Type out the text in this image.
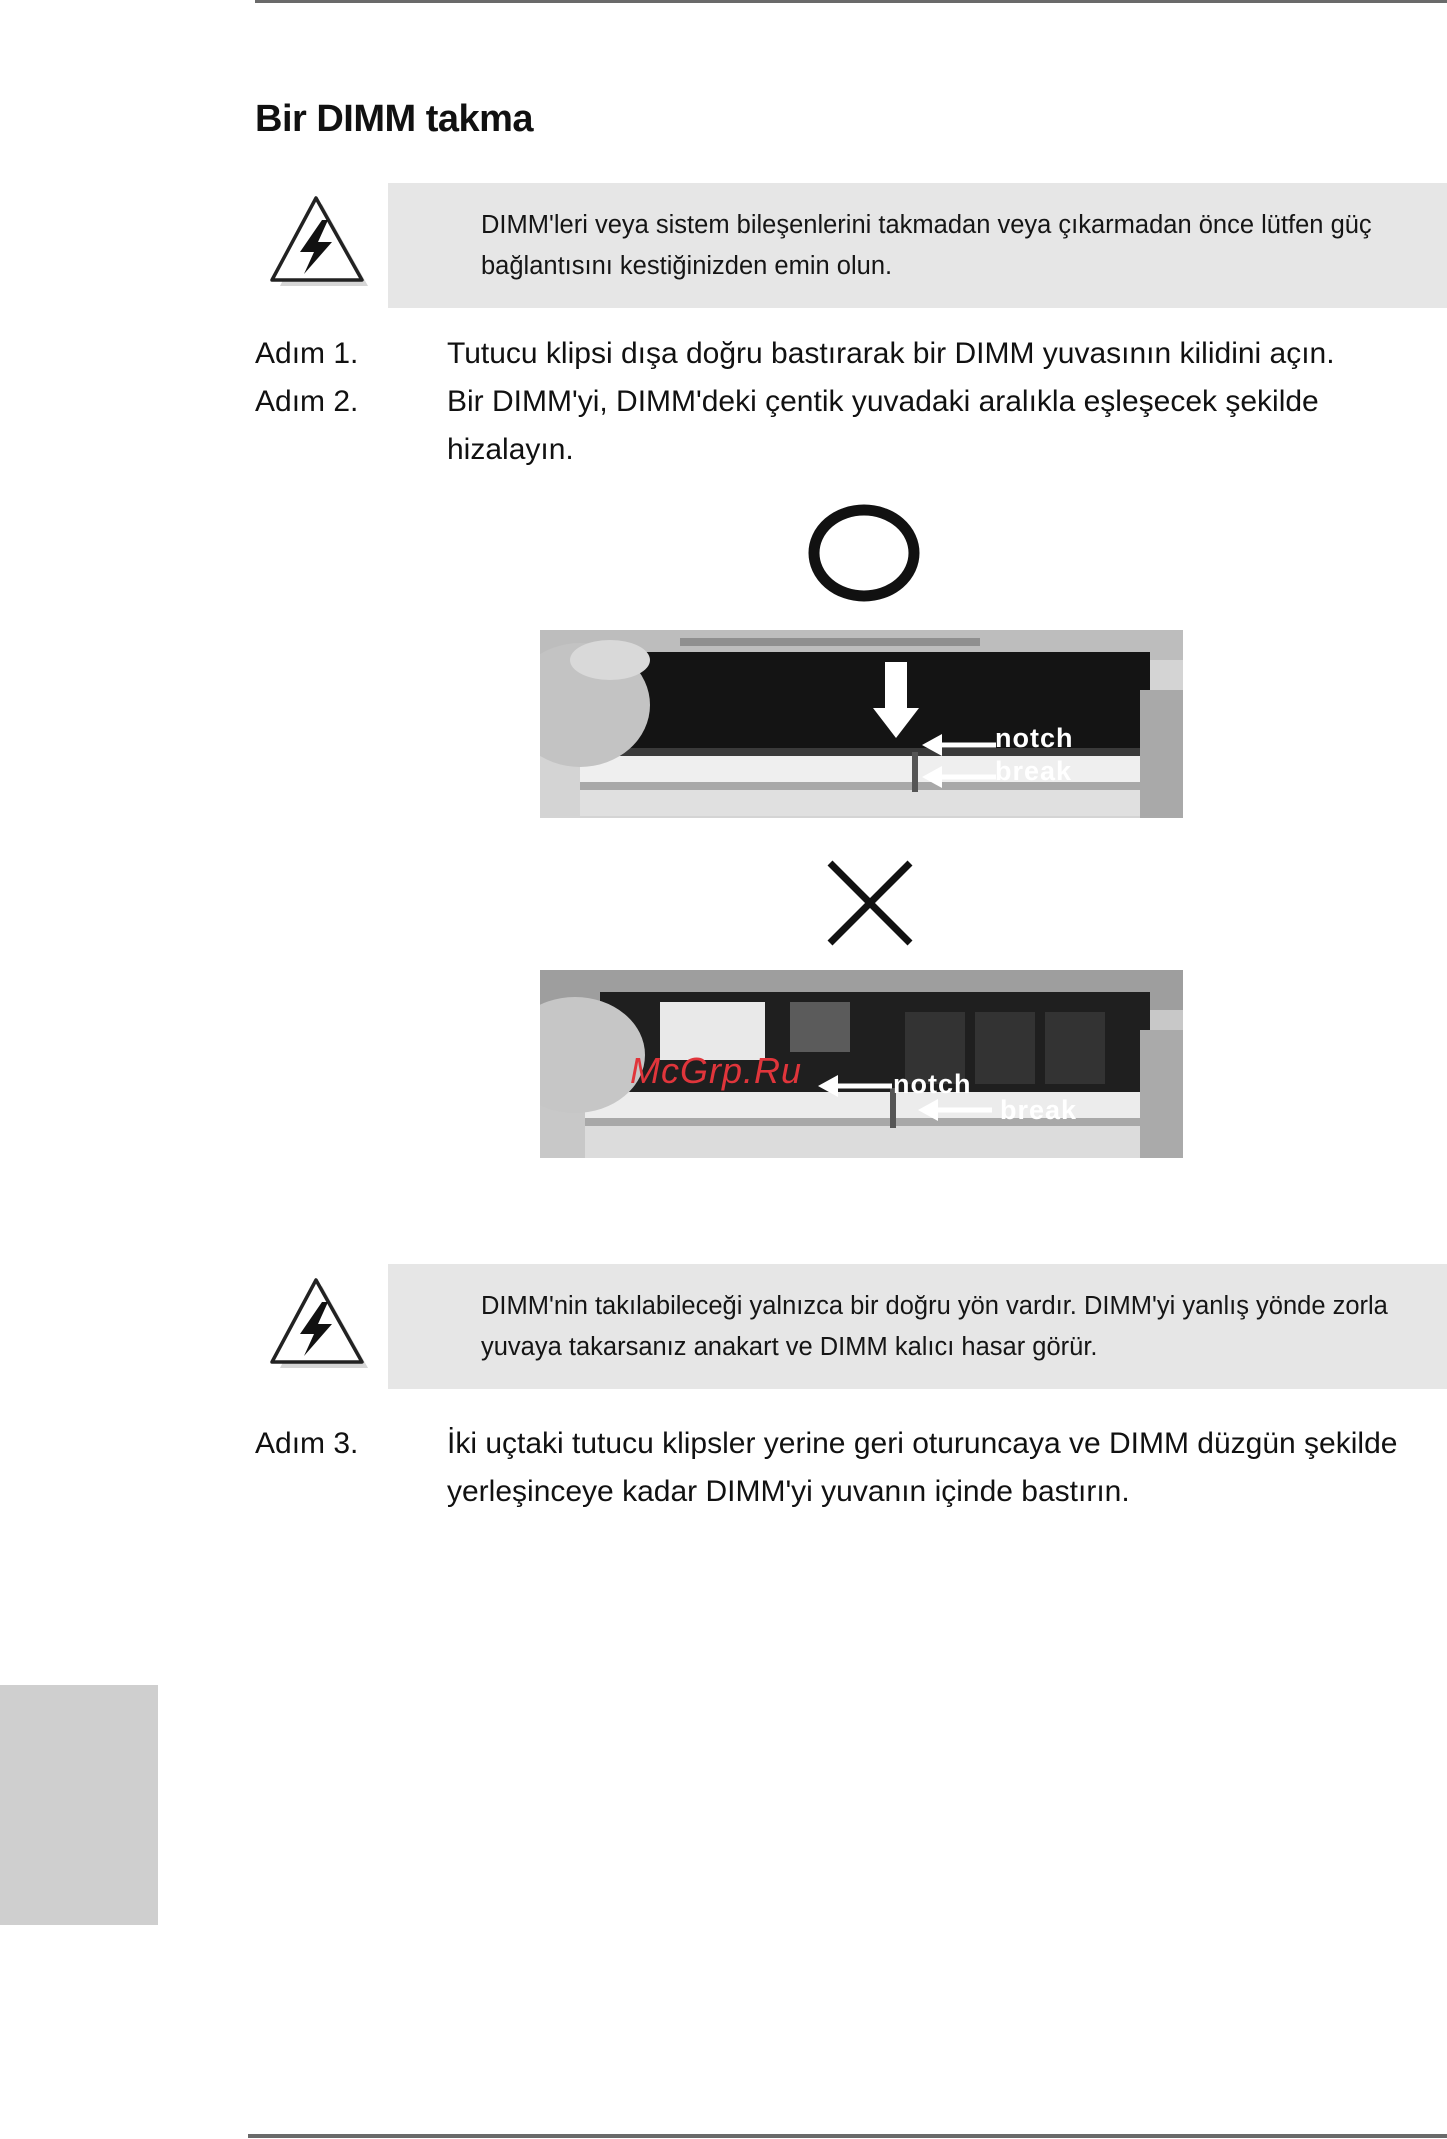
Bir DIMM takma
DIMM'leri veya sistem bileşenlerini takmadan veya çıkarmadan önce lütfen güç bağlantısını kestiğinizden emin olun.
Adım 1.	Tutucu klipsi dışa doğru bastırarak bir DIMM yuvasının kilidini açın.
Adım 2.	Bir DIMM'yi, DIMM'deki çentik yuvadaki aralıkla eşleşecek şekilde hizalayın.
notch
break
notch
break
McGrp.Ru
DIMM'nin takılabileceği yalnızca bir doğru yön vardır. DIMM'yi yanlış yönde zorla yuvaya takarsanız anakart ve DIMM kalıcı hasar görür.
Adım 3.	İki uçtaki tutucu klipsler yerine geri oturuncaya ve DIMM düzgün şekilde yerleşinceye kadar DIMM'yi yuvanın içinde bastırın.
